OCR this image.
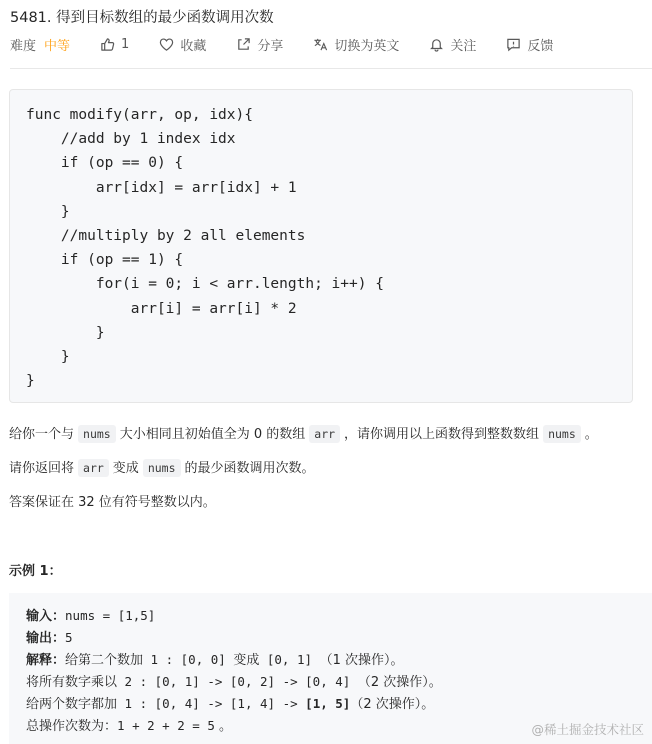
5481. 得到目标数组的最少函数调用次数
难度 中等	1	收藏	分享	切换为英文	关注	反馈
func modify(arr, op, idx){
//add by 1 index idx
if (op == 0) {
arr[idx] = arr[idx] + 1
}
//multiply by 2 all elements
if (op == 1) {
for(i = 0; i < arr.length; i++) {
arr[i] = arr[i] * 2
}
}
}
给你一个与 nums 大小相同且初始值全为 0 的数组 arr ，请你调用以上函数得到整数数组 nums 。
请你返回将 arr 变成 nums 的最少函数调用次数。
答案保证在 32 位有符号整数以内。
示例 1：
输入：nums = [1,5]
输出：5
解释：给第二个数加 1 : [0, 0] 变成 [0, 1] （1 次操作）。
将所有数字乘以 2 : [0, 1] -> [0, 2] -> [0, 4] （2 次操作）。
给两个数字都加 1 : [0, 4] -> [1, 4] -> [1, 5]（2 次操作）。
总操作次数为：1 + 2 + 2 = 5 。	@稀土掘金技术社区
